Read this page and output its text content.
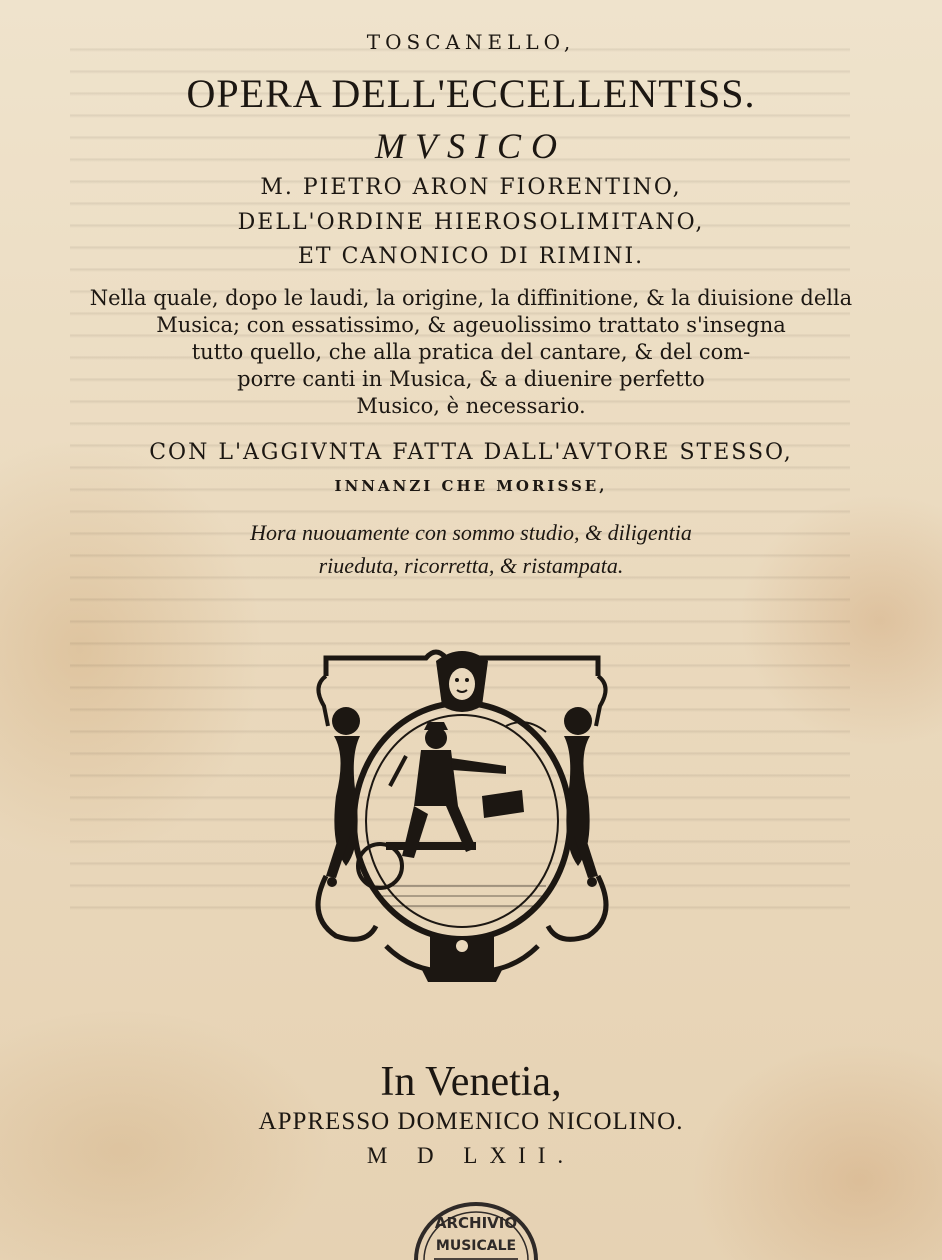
TOSCANELLO,
OPERA DELL'ECCELLENTISS.
MVSICO
M. PIETRO ARON FIORENTINO,
DELL'ORDINE HIEROSOLIMITANO,
ET CANONICO DI RIMINI.
Nella quale, dopo le laudi, la origine, la diffinitione, & la diuisione della
Musica; con essatissimo, & ageuolissimo trattato s'insegna
tutto quello, che alla pratica del cantare, & del com-
porre canti in Musica, & a diuenire perfetto
Musico, è necessario.
CON L'AGGIVNTA FATTA DALL'AVTORE STESSO,
INNANZI CHE MORISSE,
Hora nuouamente con sommo studio, & diligentia
riueduta, ricorretta, & ristampata.
In Venetia,
APPRESSO DOMENICO NICOLINO.
M D LXII.
ARCHIVIO
MUSICALE
